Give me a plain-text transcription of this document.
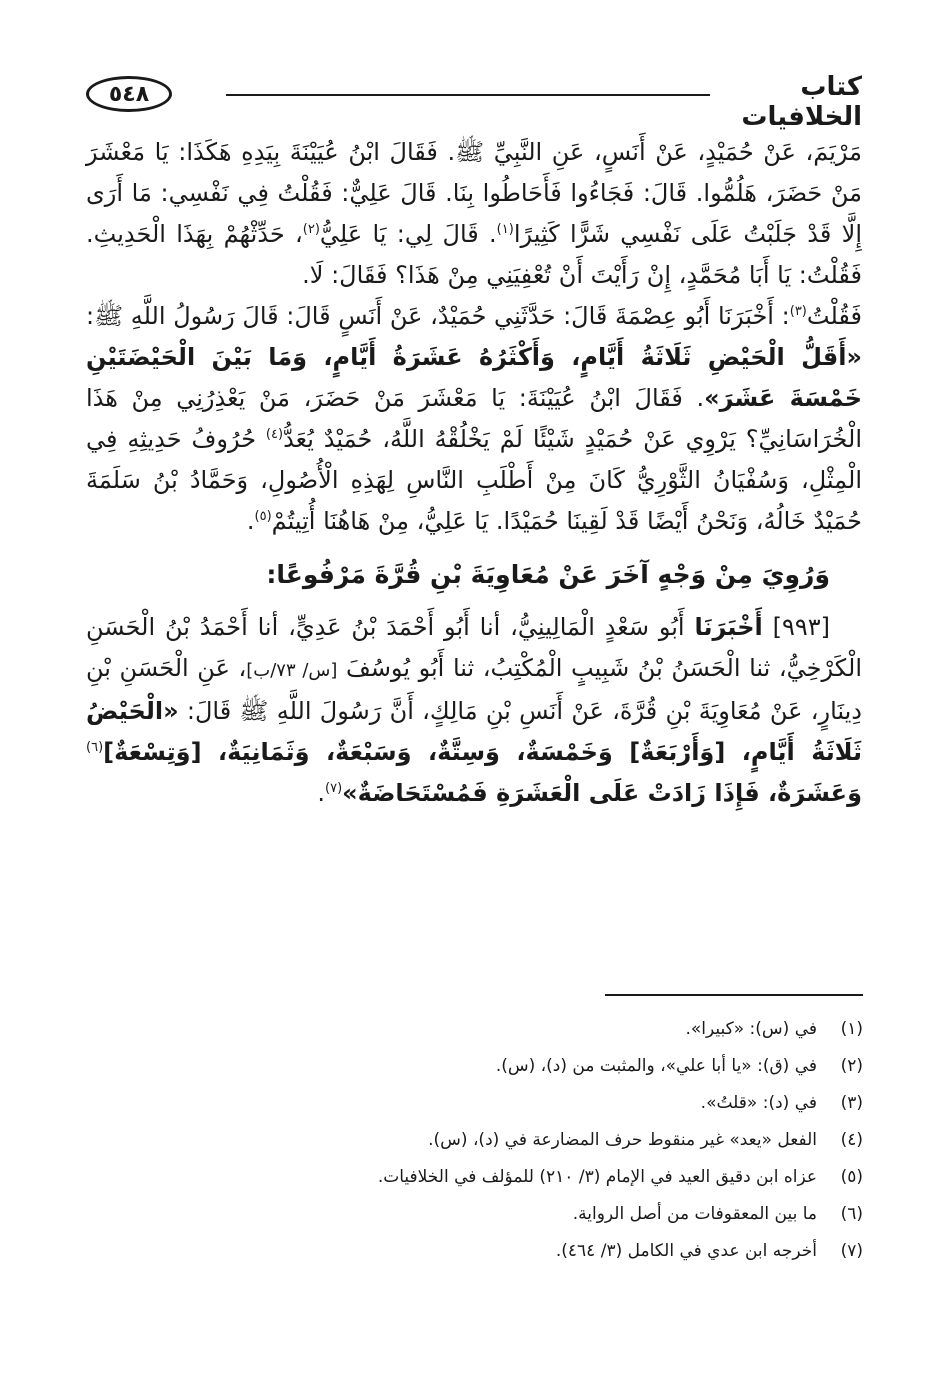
٥٤٨	كتاب الخلافيات

مَرْيَمَ، عَنْ حُمَيْدٍ، عَنْ أَنَسٍ، عَنِ النَّبِيِّ ﷺ. فَقَالَ ابْنُ عُيَيْنَةَ بِيَدِهِ هَكَذَا: يَا مَعْشَرَ مَنْ حَضَرَ، هَلُمُّوا. قَالَ: فَجَاءُوا فَأَحَاطُوا بِنَا. قَالَ عَلِيٌّ: فَقُلْتُ فِي نَفْسِي: مَا أَرَى إِلَّا قَدْ جَلَبْتُ عَلَى نَفْسِي شَرًّا كَثِيرًا$^{(١)}$. قَالَ لِي: يَا عَلِيُّ$^{(٢)}$، حَدِّثْهُمْ بِهَذَا الْحَدِيثِ. فَقُلْتُ: يَا أَبَا مُحَمَّدٍ، إِنْ رَأَيْتَ أَنْ تُعْفِيَنِي مِنْ هَذَا؟ فَقَالَ: لَا.

فَقُلْتُ$^{(٣)}$: أَخْبَرَنَا أَبُو عِصْمَةَ قَالَ: حَدَّثَنِي حُمَيْدٌ، عَنْ أَنَسٍ قَالَ: قَالَ رَسُولُ اللَّهِ ﷺ: «أَقَلُّ الْحَيْضِ ثَلَاثَةُ أَيَّامٍ، وَأَكْثَرُهُ عَشَرَةُ أَيَّامٍ، وَمَا بَيْنَ الْحَيْضَتَيْنِ خَمْسَةَ عَشَرَ». فَقَالَ ابْنُ عُيَيْنَةَ: يَا مَعْشَرَ مَنْ حَضَرَ، مَنْ يَعْذِرُنِي مِنْ هَذَا الْخُرَاسَانِيِّ؟ يَرْوِي عَنْ حُمَيْدٍ شَيْئًا لَمْ يَخْلُقْهُ اللَّهُ، حُمَيْدٌ يُعَدُّ$^{(٤)}$ حُرُوفُ حَدِيثِهِ فِي الْمِثْلِ، وَسُفْيَانُ الثَّوْرِيُّ كَانَ مِنْ أَطْلَبِ النَّاسِ لِهَذِهِ الْأُصُولِ، وَحَمَّادُ بْنُ سَلَمَةَ حُمَيْدٌ خَالُهُ، وَنَحْنُ أَيْضًا قَدْ لَقِينَا حُمَيْدًا. يَا عَلِيُّ، مِنْ هَاهُنَا أُتِيتُمْ$^{(٥)}$.

وَرُوِيَ مِنْ وَجْهٍ آخَرَ عَنْ مُعَاوِيَةَ بْنِ قُرَّةَ مَرْفُوعًا:

[٩٩٣] أَخْبَرَنَا أَبُو سَعْدٍ الْمَالِينِيُّ، أنا أَبُو أَحْمَدَ بْنُ عَدِيٍّ، أنا أَحْمَدُ بْنُ الْحَسَنِ الْكَرْخِيُّ، ثنا الْحَسَنُ بْنُ شَبِيبٍ الْمُكْتِبُ، ثنا أَبُو يُوسُفَ [س/ ٧٣/ب]، عَنِ الْحَسَنِ بْنِ دِينَارٍ، عَنْ مُعَاوِيَةَ بْنِ قُرَّةَ، عَنْ أَنَسِ بْنِ مَالِكٍ، أَنَّ رَسُولَ اللَّهِ ﷺ قَالَ: «الْحَيْضُ ثَلَاثَةُ أَيَّامٍ، [وَأَرْبَعَةٌ] وَخَمْسَةٌ، وَسِتَّةٌ، وَسَبْعَةٌ، وَثَمَانِيَةٌ، [وَتِسْعَةٌ]$^{(٦)}$ وَعَشَرَةٌ، فَإِذَا زَادَتْ عَلَى الْعَشَرَةِ فَمُسْتَحَاضَةٌ»$^{(٧)}$.

(١)
في (س): «كبيرا».
(٢)
في (ق): «يا أبا علي»، والمثبت من (د)، (س).
(٣)
في (د): «قلتُ».
(٤)
الفعل «يعد» غير منقوط حرف المضارعة في (د)، (س).
(٥)
عزاه ابن دقيق العيد في الإمام (٣/ ٢١٠) للمؤلف في الخلافيات.
(٦)
ما بين المعقوفات من أصل الرواية.
(٧)
أخرجه ابن عدي في الكامل (٣/ ٤٦٤).
